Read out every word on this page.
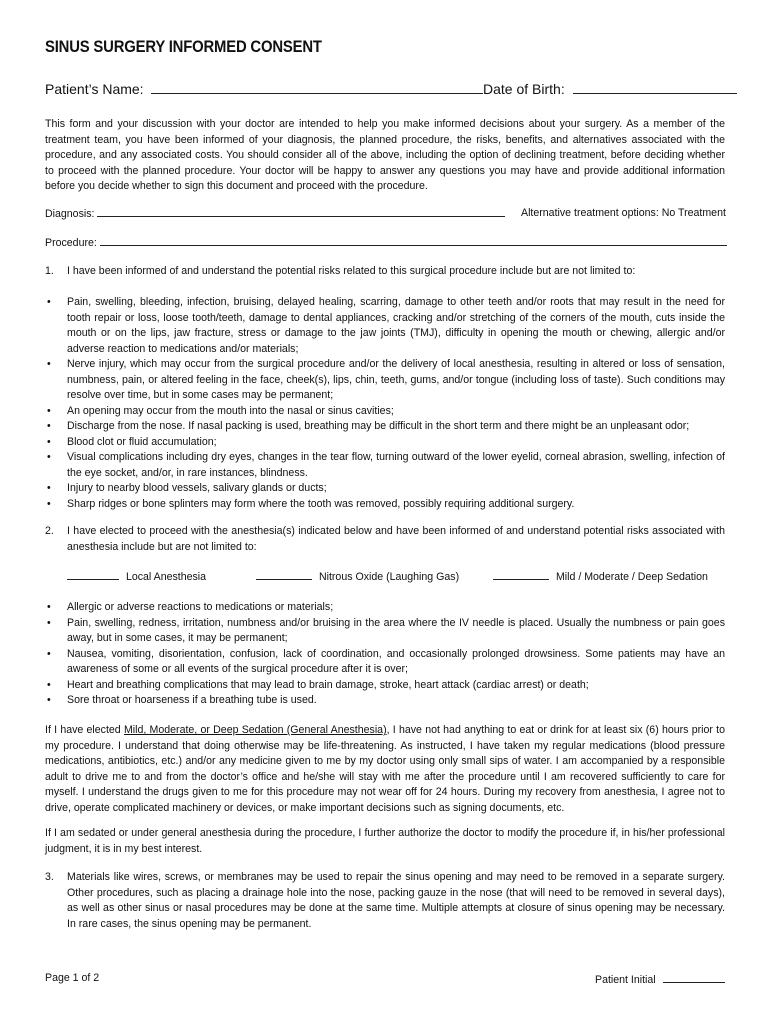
SINUS SURGERY INFORMED CONSENT
Patient’s Name:	Date of Birth:
This form and your discussion with your doctor are intended to help you make informed decisions about your surgery. As a member of the treatment team, you have been informed of your diagnosis, the planned procedure, the risks, benefits, and alternatives associated with the procedure, and any associated costs. You should consider all of the above, including the option of declining treatment, before deciding whether to proceed with the planned procedure. Your doctor will be happy to answer any questions you may have and provide additional information before you decide whether to sign this document and proceed with the procedure.
Diagnosis:	Alternative treatment options: No Treatment
Procedure:
1. I have been informed of and understand the potential risks related to this surgical procedure include but are not limited to:
• Pain, swelling, bleeding, infection, bruising, delayed healing, scarring, damage to other teeth and/or roots that may result in the need for tooth repair or loss, loose tooth/teeth, damage to dental appliances, cracking and/or stretching of the corners of the mouth, cuts inside the mouth or on the lips, jaw fracture, stress or damage to the jaw joints (TMJ), difficulty in opening the mouth or chewing, allergic and/or adverse reaction to medications and/or materials;
• Nerve injury, which may occur from the surgical procedure and/or the delivery of local anesthesia, resulting in altered or loss of sensation, numbness, pain, or altered feeling in the face, cheek(s), lips, chin, teeth, gums, and/or tongue (including loss of taste). Such conditions may resolve over time, but in some cases may be permanent;
• An opening may occur from the mouth into the nasal or sinus cavities;
• Discharge from the nose. If nasal packing is used, breathing may be difficult in the short term and there might be an unpleasant odor;
• Blood clot or fluid accumulation;
• Visual complications including dry eyes, changes in the tear flow, turning outward of the lower eyelid, corneal abrasion, swelling, infection of the eye socket, and/or, in rare instances, blindness.
• Injury to nearby blood vessels, salivary glands or ducts;
• Sharp ridges or bone splinters may form where the tooth was removed, possibly requiring additional surgery.
2. I have elected to proceed with the anesthesia(s) indicated below and have been informed of and understand potential risks associated with anesthesia include but are not limited to:
Local Anesthesia	Nitrous Oxide (Laughing Gas)	Mild / Moderate / Deep Sedation
• Allergic or adverse reactions to medications or materials;
• Pain, swelling, redness, irritation, numbness and/or bruising in the area where the IV needle is placed. Usually the numbness or pain goes away, but in some cases, it may be permanent;
• Nausea, vomiting, disorientation, confusion, lack of coordination, and occasionally prolonged drowsiness. Some patients may have an awareness of some or all events of the surgical procedure after it is over;
• Heart and breathing complications that may lead to brain damage, stroke, heart attack (cardiac arrest) or death;
• Sore throat or hoarseness if a breathing tube is used.
If I have elected Mild, Moderate, or Deep Sedation (General Anesthesia), I have not had anything to eat or drink for at least six (6) hours prior to my procedure. I understand that doing otherwise may be life-threatening. As instructed, I have taken my regular medications (blood pressure medications, antibiotics, etc.) and/or any medicine given to me by my doctor using only small sips of water. I am accompanied by a responsible adult to drive me to and from the doctor’s office and he/she will stay with me after the procedure until I am recovered sufficiently to care for myself. I understand the drugs given to me for this procedure may not wear off for 24 hours. During my recovery from anesthesia, I agree not to drive, operate complicated machinery or devices, or make important decisions such as signing documents, etc.
If I am sedated or under general anesthesia during the procedure, I further authorize the doctor to modify the procedure if, in his/her professional judgment, it is in my best interest.
3. Materials like wires, screws, or membranes may be used to repair the sinus opening and may need to be removed in a separate surgery. Other procedures, such as placing a drainage hole into the nose, packing gauze in the nose (that will need to be removed in several days), as well as other sinus or nasal procedures may be done at the same time. Multiple attempts at closure of sinus opening may be necessary. In rare cases, the sinus opening may be permanent.
Page 1 of 2	Patient Initial
